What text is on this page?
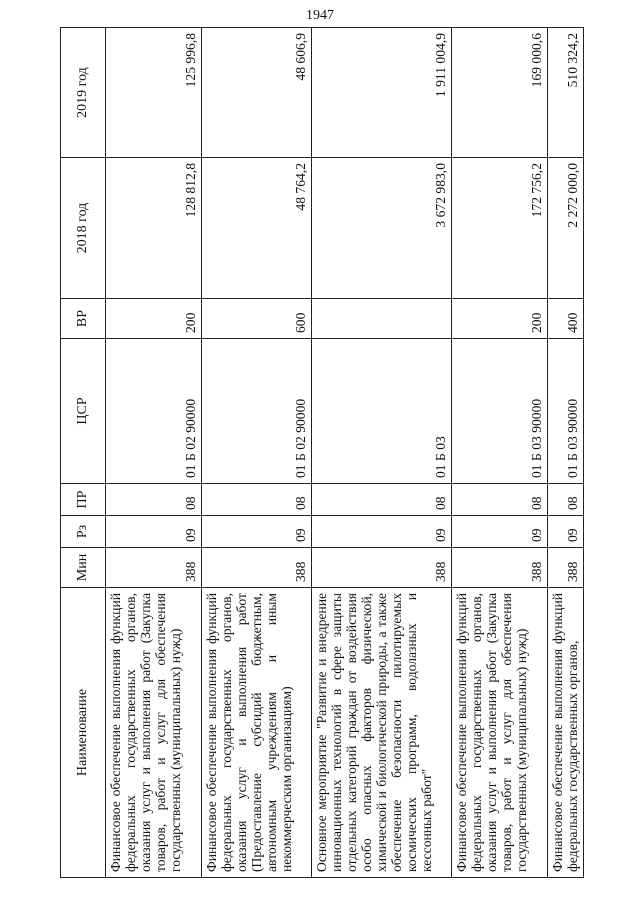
1947
Наименование	Мин	Рз	ПР	ЦСР	ВР	2018 год	2019 год
Финансовое обеспечение выполнения функций федеральных государственных органов, оказания услуг и выполнения работ (Закупка товаров, работ и услуг для обеспечения государственных (муниципальных) нужд)	388	09	08	01 Б 02 90000	200	128 812,8	125 996,8
Финансовое обеспечение выполнения функций федеральных государственных органов, оказания услуг и выполнения работ (Предоставление субсидий бюджетным, автономным учреждениям и иным некоммерческим организациям)	388	09	08	01 Б 02 90000	600	48 764,2	48 606,9
Основное мероприятие "Развитие и внедрение инновационных технологий в сфере защиты отдельных категорий граждан от воздействия особо опасных факторов физической, химической и биологической природы, а также обеспечение безопасности пилотируемых космических программ, водолазных и кессонных работ"	388	09	08	01 Б 03		3 672 983,0	1 911 004,9
Финансовое обеспечение выполнения функций федеральных государственных органов, оказания услуг и выполнения работ (Закупка товаров, работ и услуг для обеспечения государственных (муниципальных) нужд)	388	09	08	01 Б 03 90000	200	172 756,2	169 000,6
Финансовое обеспечение выполнения функций федеральных государственных органов,	388	09	08	01 Б 03 90000	400	2 272 000,0	510 324,2
